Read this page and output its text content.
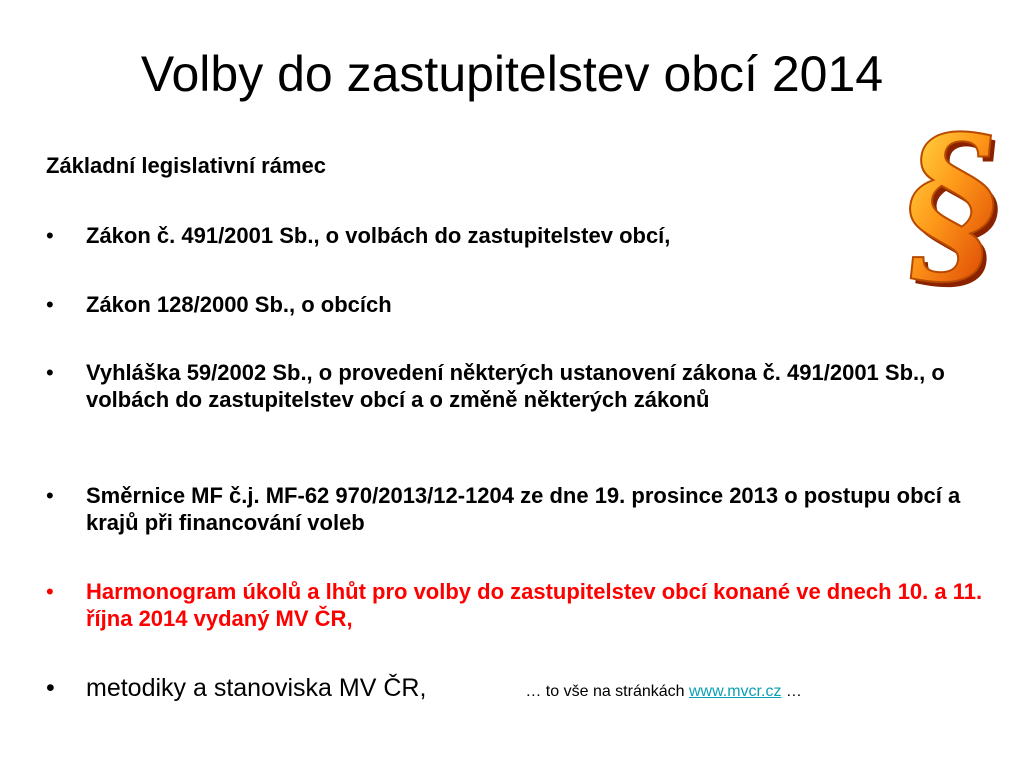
Volby do zastupitelstev obcí 2014
§
§

Základní legislativní rámec

•	Zákon č. 491/2001 Sb., o volbách do zastupitelstev obcí,
•	Zákon 128/2000 Sb., o obcích
•	Vyhláška 59/2002 Sb., o provedení některých ustanovení zákona č. 491/2001 Sb., o volbách do zastupitelstev obcí a o změně některých zákonů
•	Směrnice MF č.j. MF-62 970/2013/12-1204 ze dne 19. prosince 2013 o postupu obcí a krajů při financování voleb
•	Harmonogram úkolů a lhůt pro volby do zastupitelstev obcí konané ve dnech 10. a 11. října 2014 vydaný MV ČR,
•	metodiky a stanoviska MV ČR,	… to vše na stránkách www.mvcr.cz …
